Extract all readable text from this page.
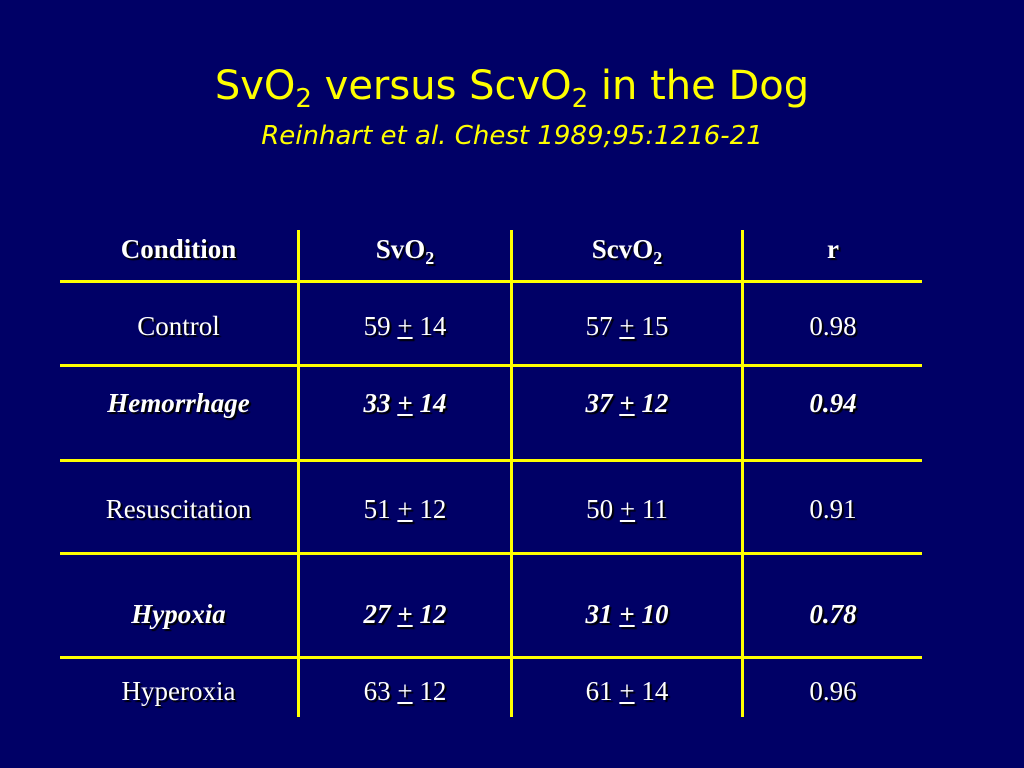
SvO$_2$ versus ScvO$_2$ in the Dog
Reinhart et al. Chest 1989;95:1216-21
Condition	SvO$_2$	ScvO$_2$	r
Control	59 + 14	57 + 15	0.98
Hemorrhage	33 + 14	37 + 12	0.94
Resuscitation	51 + 12	50 + 11	0.91
Hypoxia	27 + 12	31 + 10	0.78
Hyperoxia	63 + 12	61 + 14	0.96
